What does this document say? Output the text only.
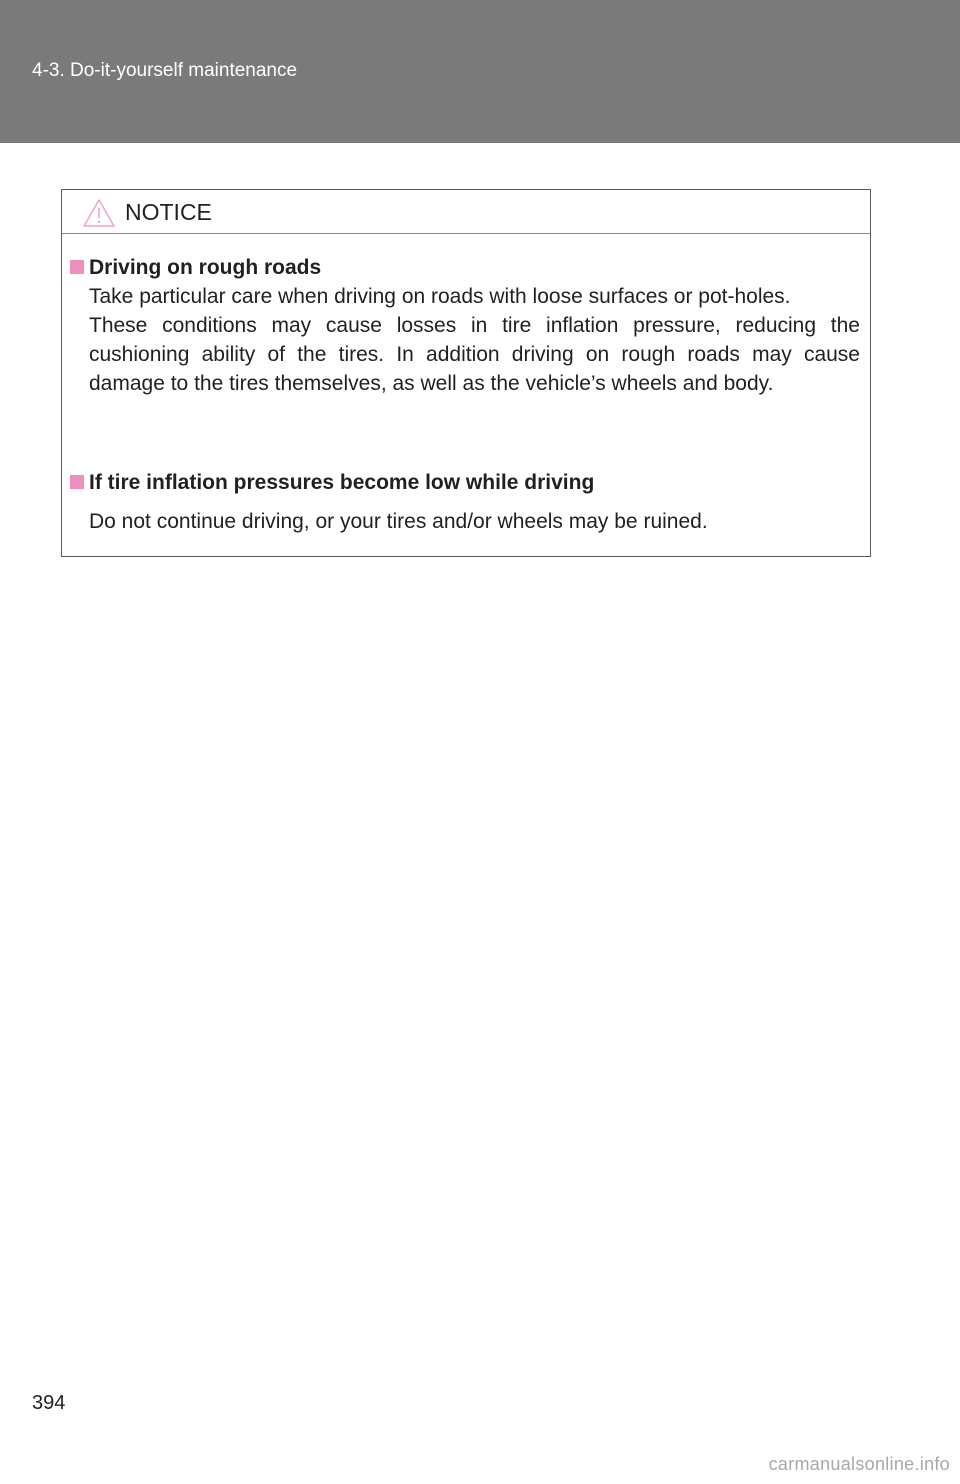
4-3. Do-it-yourself maintenance
NOTICE
Driving on rough roads

Take particular care when driving on roads with loose surfaces or pot-holes.

These conditions may cause losses in tire inflation pressure, reducing the cushioning ability of the tires. In addition driving on rough roads may cause damage to the tires themselves, as well as the vehicle’s wheels and body.

If tire inflation pressures become low while driving

Do not continue driving, or your tires and/or wheels may be ruined.

394
carmanualsonline.info
